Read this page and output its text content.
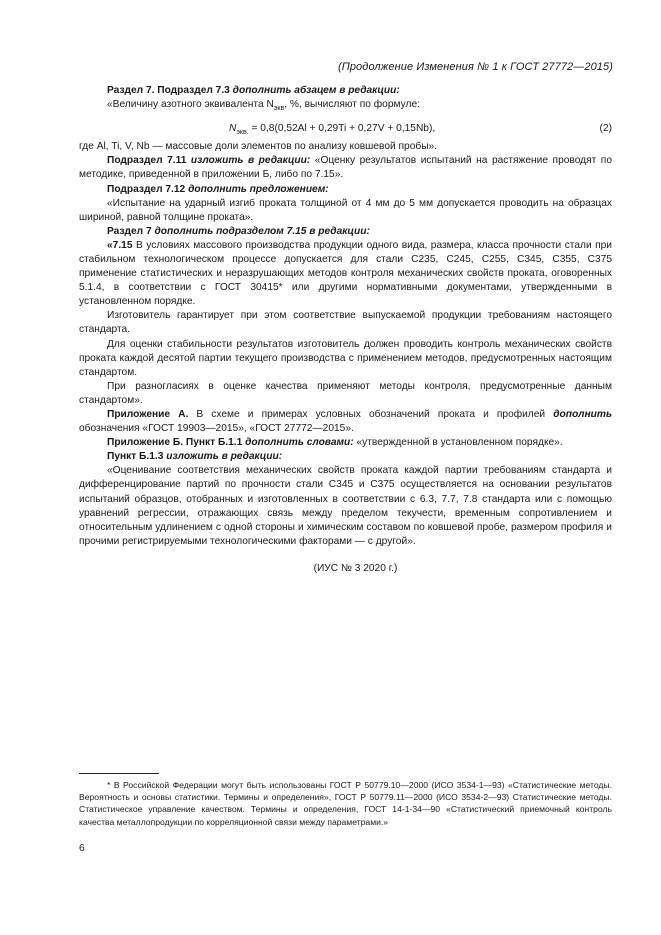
(Продолжение Изменения № 1 к ГОСТ 27772—2015)

Раздел 7. Подраздел 7.3 дополнить абзацем в редакции:

«Величину азотного эквивалента $N_{экв}$, %, вычисляют по формуле:

$N_{экв.} = 0,8(0,52Al + 0,29Ti + 0,27V + 0,15Nb)$,	(2)

где Al, Ti, V, Nb — массовые доли элементов по анализу ковшевой пробы».

Подраздел 7.11 изложить в редакции: «Оценку результатов испытаний на растяжение проводят по методике, приведенной в приложении Б, либо по 7.15».

Подраздел 7.12 дополнить предложением:

«Испытание на ударный изгиб проката толщиной от 4 мм до 5 мм допускается проводить на образцах шириной, равной толщине проката».

Раздел 7 дополнить подразделом 7.15 в редакции:

«7.15 В условиях массового производства продукции одного вида, размера, класса прочности стали при стабильном технологическом процессе допускается для стали С235, С245, С255, С345, С355, С375 применение статистических и неразрушающих методов контроля механических свойств проката, оговоренных 5.1.4, в соответствии с ГОСТ 30415* или другими нормативными документами, утвержденными в установленном порядке.

Изготовитель гарантирует при этом соответствие выпускаемой продукции требованиям настоящего стандарта.

Для оценки стабильности результатов изготовитель должен проводить контроль механических свойств проката каждой десятой партии текущего производства с применением методов, предусмотренных настоящим стандартом.

При разногласиях в оценке качества применяют методы контроля, предусмотренные данным стандартом».

Приложение А. В схеме и примерах условных обозначений проката и профилей дополнить обозначения «ГОСТ 19903—2015», «ГОСТ 27772—2015».

Приложение Б. Пункт Б.1.1 дополнить словами: «утвержденной в установленном порядке».

Пункт Б.1.3 изложить в редакции:

«Оценивание соответствия механических свойств проката каждой партии требованиям стандарта и дифференцирование партий по прочности стали С345 и С375 осуществляется на основании результатов испытаний образцов, отобранных и изготовленных в соответствии с 6.3, 7.7, 7.8 стандарта или с помощью уравнений регрессии, отражающих связь между пределом текучести, временным сопротивлением и относительным удлинением с одной стороны и химическим составом по ковшевой пробе, размером профиля и прочими регистрируемыми технологическими факторами — с другой».

(ИУС № 3 2020 г.)

* В Российской Федерации могут быть использованы ГОСТ Р 50779.10—2000 (ИСО 3534-1—93) «Статистические методы. Вероятность и основы статистики. Термины и определения», ГОСТ Р 50779.11—2000 (ИСО 3534-2—93) Статистические методы. Статистическое управление качеством. Термины и определения, ГОСТ 14-1-34—90 «Статистический приемочный контроль качества металлопродукции по корреляционной связи между параметрами.»

6
